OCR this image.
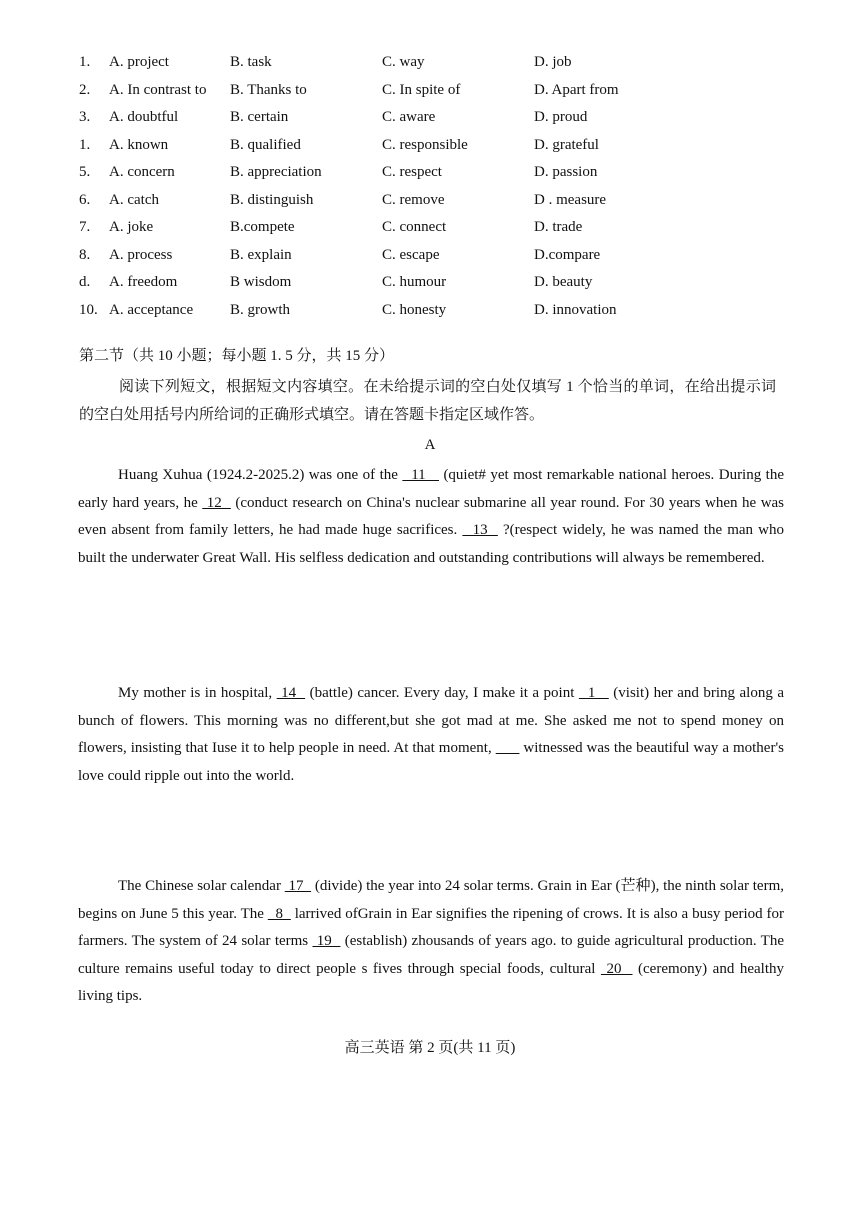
1. A. project	B. task	C. way	D. job
2. A. In contrast to B. Thanks to	C. In spite of	D. Apart from
3. A. doubtful	B. certain	C. aware	D. proud
1. A. known	B. qualified	C. responsible	D. grateful
5. A. concern	B. appreciation	C. respect	D. passion
6. A. catch	B. distinguish	C. remove	D . measure
7. A. joke	B.compete	C. connect	D. trade
8. A. process	B. explain	C. escape	D.compare
d. A. freedom	B wisdom	C. humour	D. beauty
10. A. acceptance B. growth	C. honesty	D. innovation
第二节（共 10 小题；每小题 1. 5 分，共 15 分）

阅读下列短文，根据短文内容填空。在未给提示词的空白处仅填写 1 个恰当的单词，在给出提示词的空白处用括号内所给词的正确形式填空。请在答题卡指定区域作答。

A

Huang Xuhua (1924.2-2025.2) was one of the   11    (quiet# yet most remarkable national heroes. During the early hard years, he  12   (conduct research on China's nuclear submarine all year round. For 30 years when he was even absent from family letters, he had made huge sacrifices.   13   ?(respect widely, he was named the man who built the underwater Great Wall. His selfless dedication and outstanding contributions will always be remembered.

My mother is in hospital,  14   (battle) cancer. Every day, I make it a point   1    (visit) her and bring along a bunch of flowers. This morning was no different,but she got mad at me. She asked me not to spend money on flowers, insisting that Iuse it to help people in need. At that moment,        witnessed was the beautiful way a mother's love could ripple out into the world.

The Chinese solar calendar  17   (divide) the year into 24 solar terms. Grain in Ear (芒种), the ninth solar term, begins on June 5 this year. The   8   larrived ofGrain in Ear signifies the ripening of crows. It is also a busy period for farmers. The system of 24 solar terms  19   (establish) zhousands of years ago. to guide agricultural production. The culture remains useful today to direct people s fives through special foods, cultural  20   (ceremony) and healthy living tips.

高三英语 第 2 页(共 11 页)
